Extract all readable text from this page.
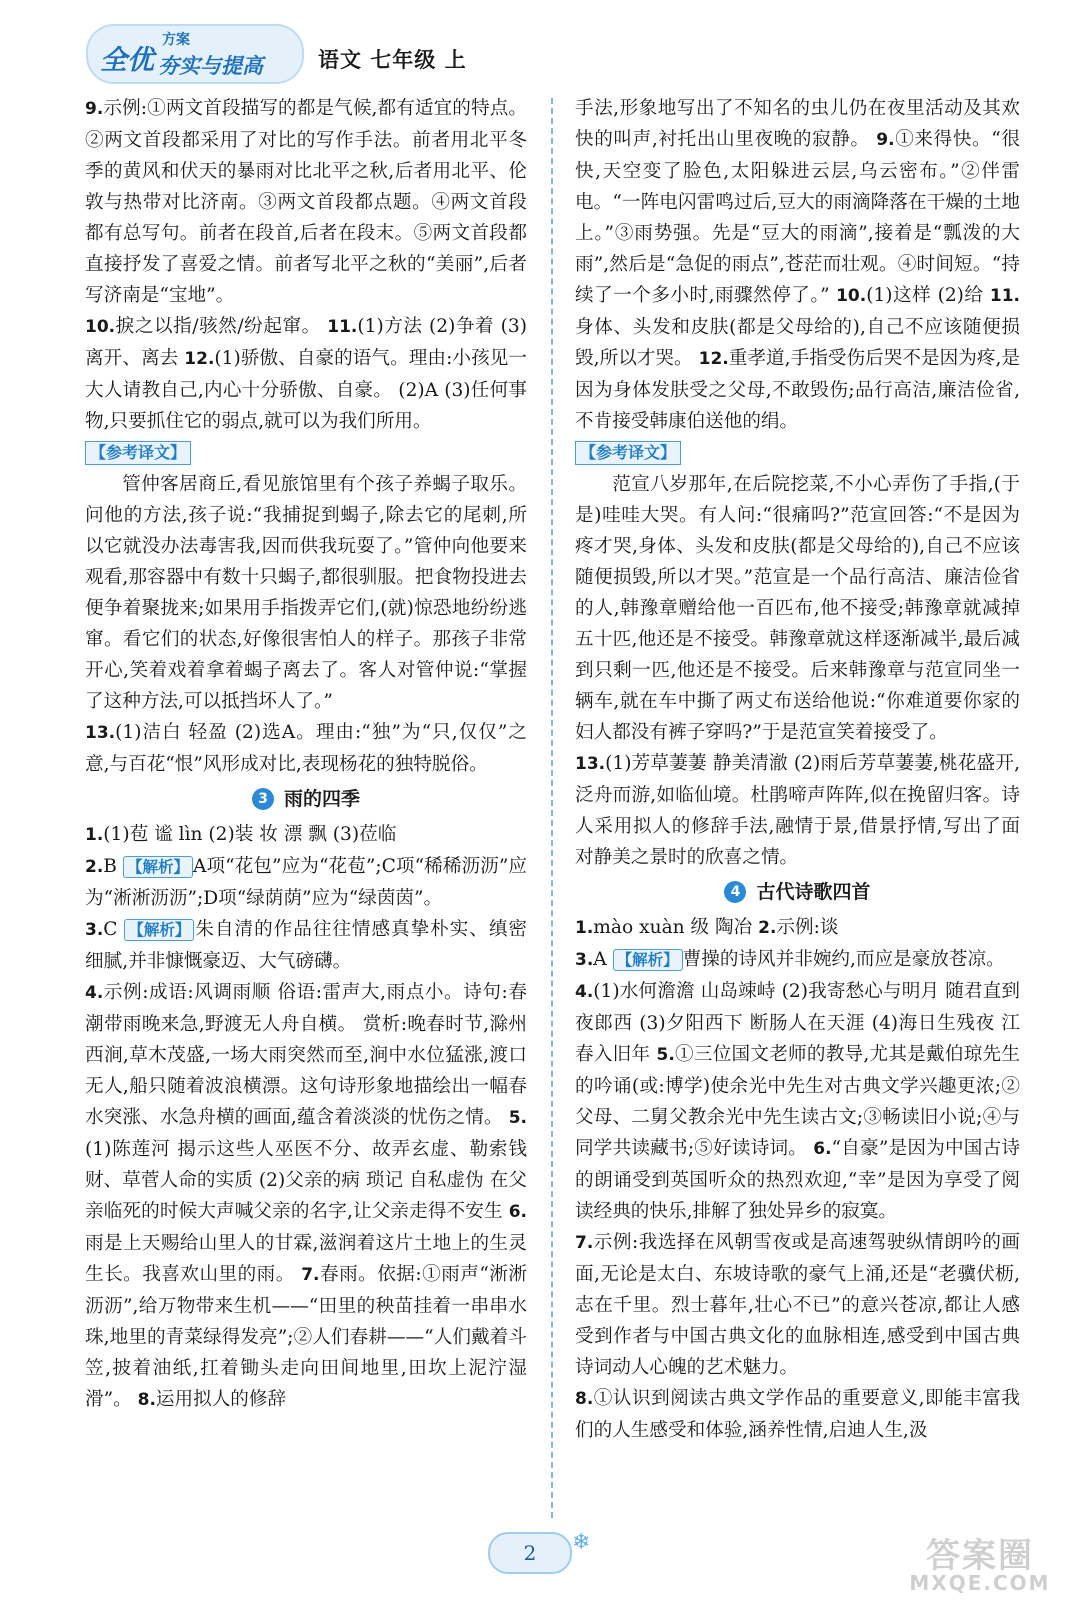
全优
方案
夯实与提高	语文 七年级 上

9.示例:①两文首段描写的都是气候,都有适宜的特点。②两文首段都采用了对比的写作手法。前者用北平冬季的黄风和伏天的暴雨对比北平之秋,后者用北平、伦敦与热带对比济南。③两文首段都点题。④两文首段都有总写句。前者在段首,后者在段末。⑤两文首段都直接抒发了喜爱之情。前者写北平之秋的“美丽”,后者写济南是“宝地”。

10.捩之以指/骇然/纷起窜。 11.(1)方法 (2)争着 (3)离开、离去 12.(1)骄傲、自豪的语气。理由:小孩见一大人请教自己,内心十分骄傲、自豪。 (2)A (3)任何事物,只要抓住它的弱点,就可以为我们所用。

【参考译文】

管仲客居商丘,看见旅馆里有个孩子养蝎子取乐。问他的方法,孩子说:“我捕捉到蝎子,除去它的尾刺,所以它就没办法毒害我,因而供我玩耍了。”管仲向他要来观看,那容器中有数十只蝎子,都很驯服。把食物投进去便争着聚拢来;如果用手指拨弄它们,(就)惊恐地纷纷逃窜。看它们的状态,好像很害怕人的样子。那孩子非常开心,笑着戏着拿着蝎子离去了。客人对管仲说:“掌握了这种方法,可以抵挡坏人了。”

13.(1)洁白 轻盈 (2)选A。理由:“独”为“只,仅仅”之意,与百花“恨”风形成对比,表现杨花的独特脱俗。

3 雨的四季

1.(1)苞 谧 lìn (2)装 妆 漂 飘 (3)莅临

2.B 【解析】 A项“花包”应为“花苞”;C项“稀稀沥沥”应为“淅淅沥沥”;D项“绿荫荫”应为“绿茵茵”。

3.C 【解析】 朱自清的作品往往情感真挚朴实、缜密细腻,并非慷慨豪迈、大气磅礴。

4.示例:成语:风调雨顺 俗语:雷声大,雨点小。诗句:春潮带雨晚来急,野渡无人舟自横。 赏析:晚春时节,滁州西涧,草木茂盛,一场大雨突然而至,涧中水位猛涨,渡口无人,船只随着波浪横漂。这句诗形象地描绘出一幅春水突涨、水急舟横的画面,蕴含着淡淡的忧伤之情。 5.(1)陈莲河 揭示这些人巫医不分、故弄玄虚、勒索钱财、草菅人命的实质 (2)父亲的病 琐记 自私虚伪 在父亲临死的时候大声喊父亲的名字,让父亲走得不安生 6.雨是上天赐给山里人的甘霖,滋润着这片土地上的生灵生长。我喜欢山里的雨。 7.春雨。依据:①雨声“淅淅沥沥”,给万物带来生机——“田里的秧苗挂着一串串水珠,地里的青菜绿得发亮”;②人们春耕——“人们戴着斗笠,披着油纸,扛着锄头走向田间地里,田坎上泥泞湿滑”。 8.运用拟人的修辞

手法,形象地写出了不知名的虫儿仍在夜里活动及其欢快的叫声,衬托出山里夜晚的寂静。 9.①来得快。“很快,天空变了脸色,太阳躲进云层,乌云密布。”②伴雷电。“一阵电闪雷鸣过后,豆大的雨滴降落在干燥的土地上。”③雨势强。先是“豆大的雨滴”,接着是“瓢泼的大雨”,然后是“急促的雨点”,苍茫而壮观。④时间短。“持续了一个多小时,雨骤然停了。” 10.(1)这样 (2)给 11.身体、头发和皮肤(都是父母给的),自己不应该随便损毁,所以才哭。 12.重孝道,手指受伤后哭不是因为疼,是因为身体发肤受之父母,不敢毁伤;品行高洁,廉洁俭省,不肯接受韩康伯送他的绢。

【参考译文】

范宣八岁那年,在后院挖菜,不小心弄伤了手指,(于是)哇哇大哭。有人问:“很痛吗?”范宣回答:“不是因为疼才哭,身体、头发和皮肤(都是父母给的),自己不应该随便损毁,所以才哭。”范宣是一个品行高洁、廉洁俭省的人,韩豫章赠给他一百匹布,他不接受;韩豫章就减掉五十匹,他还是不接受。韩豫章就这样逐渐减半,最后减到只剩一匹,他还是不接受。后来韩豫章与范宣同坐一辆车,就在车中撕了两丈布送给他说:“你难道要你家的妇人都没有裤子穿吗?”于是范宣笑着接受了。

13.(1)芳草萋萋 静美清澈 (2)雨后芳草萋萋,桃花盛开,泛舟而游,如临仙境。杜鹃啼声阵阵,似在挽留归客。诗人采用拟人的修辞手法,融情于景,借景抒情,写出了面对静美之景时的欣喜之情。

4 古代诗歌四首

1.mào xuàn 级 陶冶 2.示例:谈

3.A 【解析】 曹操的诗风并非婉约,而应是豪放苍凉。

4.(1)水何澹澹 山岛竦峙 (2)我寄愁心与明月 随君直到夜郎西 (3)夕阳西下 断肠人在天涯 (4)海日生残夜 江春入旧年 5.①三位国文老师的教导,尤其是戴伯琼先生的吟诵(或:博学)使余光中先生对古典文学兴趣更浓;②父母、二舅父教余光中先生读古文;③畅读旧小说;④与同学共读藏书;⑤好读诗词。 6.“自豪”是因为中国古诗的朗诵受到英国听众的热烈欢迎,“幸”是因为享受了阅读经典的快乐,排解了独处异乡的寂寞。

7.示例:我选择在风朝雪夜或是高速驾驶纵情朗吟的画面,无论是太白、东坡诗歌的豪气上涌,还是“老骥伏枥,志在千里。烈士暮年,壮心不已”的意兴苍凉,都让人感受到作者与中国古典文化的血脉相连,感受到中国古典诗词动人心魄的艺术魅力。

8.①认识到阅读古典文学作品的重要意义,即能丰富我们的人生感受和体验,涵养性情,启迪人生,汲

2	❄	答案圈
MXQE.COM
